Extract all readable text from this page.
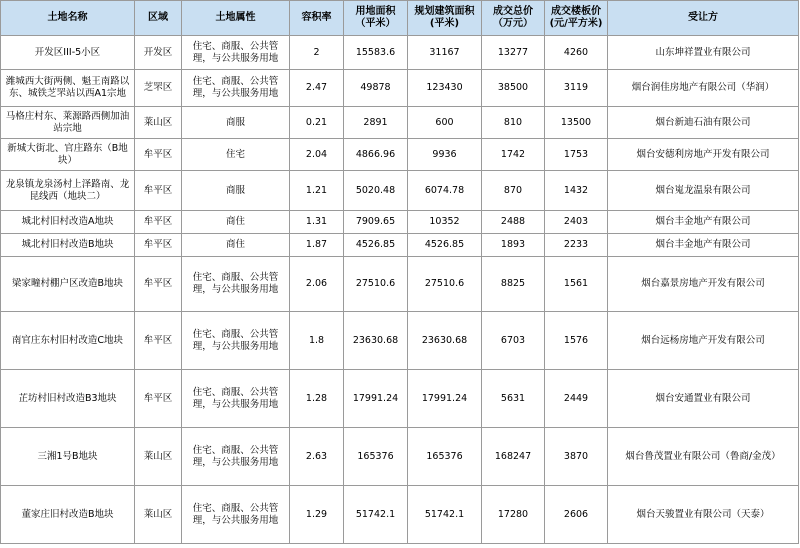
土地名称	区域	土地属性	容积率	用地面积（平米）	规划建筑面积(平米)	成交总价（万元）	成交楼板价(元/平方米)	受让方
开发区III-5小区	开发区	住宅、商服、公共管理，与公共服务用地	2	15583.6	31167	13277	4260	山东坤祥置业有限公司
潍城西大街两侧、魁王南路以东、城铁芝罘站以西A1宗地	芝罘区	住宅、商服、公共管理，与公共服务用地	2.47	49878	123430	38500	3119	烟台润佳房地产有限公司（华润）
马格庄村东、莱源路西侧加油站宗地	莱山区	商服	0.21	2891	600	810	13500	烟台新迪石油有限公司
新城大街北、官庄路东（B地块）	牟平区	住宅	2.04	4866.96	9936	1742	1753	烟台安德利房地产开发有限公司
龙泉镇龙泉汤村上泽路南、龙昆线西（地块二）	牟平区	商服	1.21	5020.48	6074.78	870	1432	烟台嵬龙温泉有限公司
城北村旧村改造A地块	牟平区	商住	1.31	7909.65	10352	2488	2403	烟台丰金地产有限公司
城北村旧村改造B地块	牟平区	商住	1.87	4526.85	4526.85	1893	2233	烟台丰金地产有限公司
梁家疃村棚户区改造B地块	牟平区	住宅、商服、公共管理，与公共服务用地	2.06	27510.6	27510.6	8825	1561	烟台嘉景房地产开发有限公司
南官庄东村旧村改造C地块	牟平区	住宅、商服、公共管理，与公共服务用地	1.8	23630.68	23630.68	6703	1576	烟台远杨房地产开发有限公司
芷坊村旧村改造B3地块	牟平区	住宅、商服、公共管理，与公共服务用地	1.28	17991.24	17991.24	5631	2449	烟台安通置业有限公司
三湘1号B地块	莱山区	住宅、商服、公共管理，与公共服务用地	2.63	165376	165376	168247	3870	烟台鲁茂置业有限公司（鲁商/金茂）
董家庄旧村改造B地块	莱山区	住宅、商服、公共管理，与公共服务用地	1.29	51742.1	51742.1	17280	2606	烟台天骏置业有限公司（天泰）
